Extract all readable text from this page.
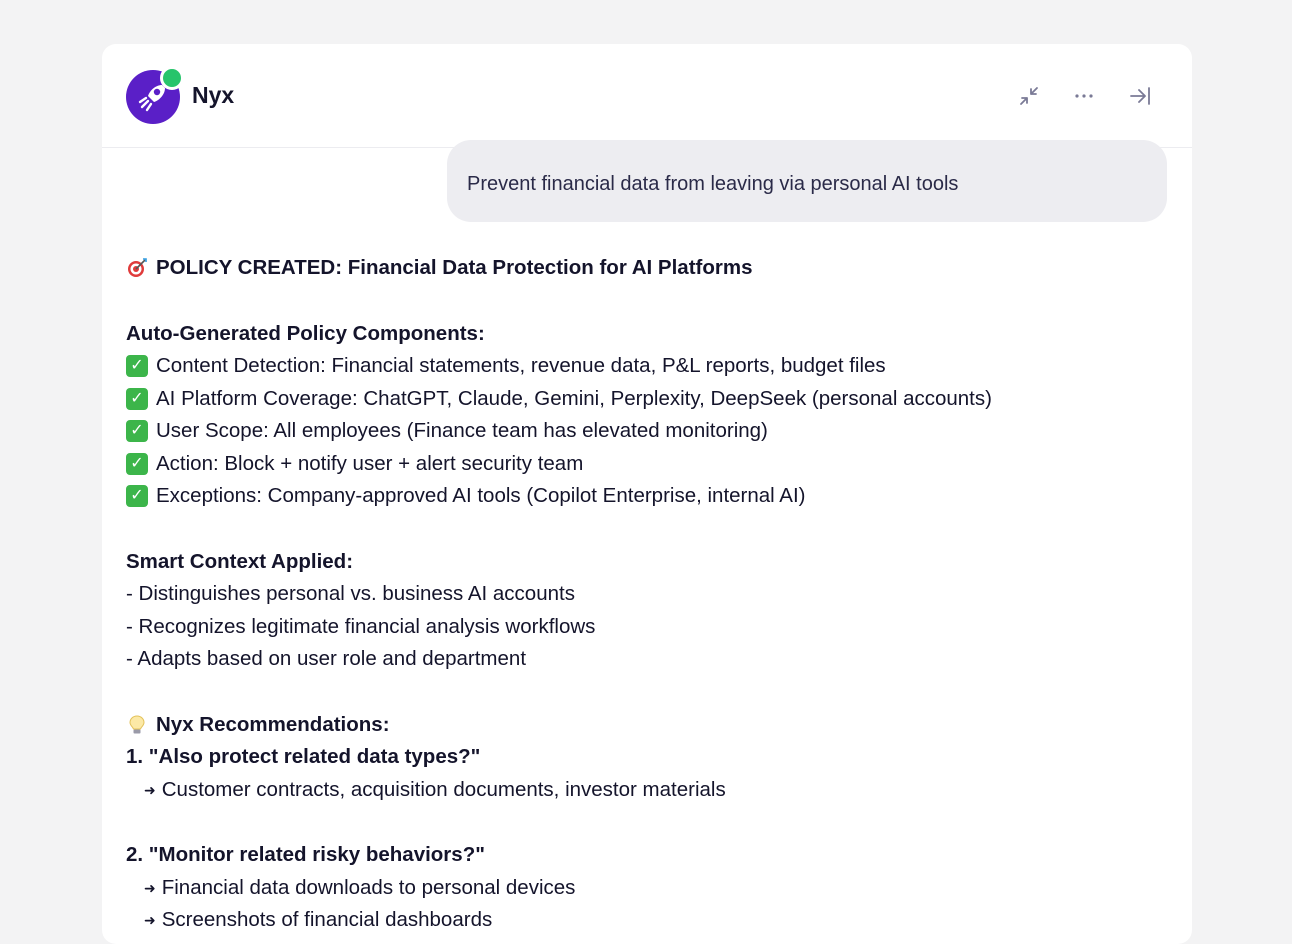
Nyx
Prevent financial data from leaving via personal AI tools
POLICY CREATED: Financial Data Protection for AI Platforms
Auto-Generated Policy Components:
✓ Content Detection: Financial statements, revenue data, P&L reports, budget files
✓ AI Platform Coverage: ChatGPT, Claude, Gemini, Perplexity, DeepSeek (personal accounts)
✓ User Scope: All employees (Finance team has elevated monitoring)
✓ Action: Block + notify user + alert security team
✓ Exceptions: Company-approved AI tools (Copilot Enterprise, internal AI)
Smart Context Applied:
- Distinguishes personal vs. business AI accounts
- Recognizes legitimate financial analysis workflows
- Adapts based on user role and department
Nyx Recommendations:
1. "Also protect related data types?"
➜ Customer contracts, acquisition documents, investor materials
2. "Monitor related risky behaviors?"
➜ Financial data downloads to personal devices
➜ Screenshots of financial dashboards
